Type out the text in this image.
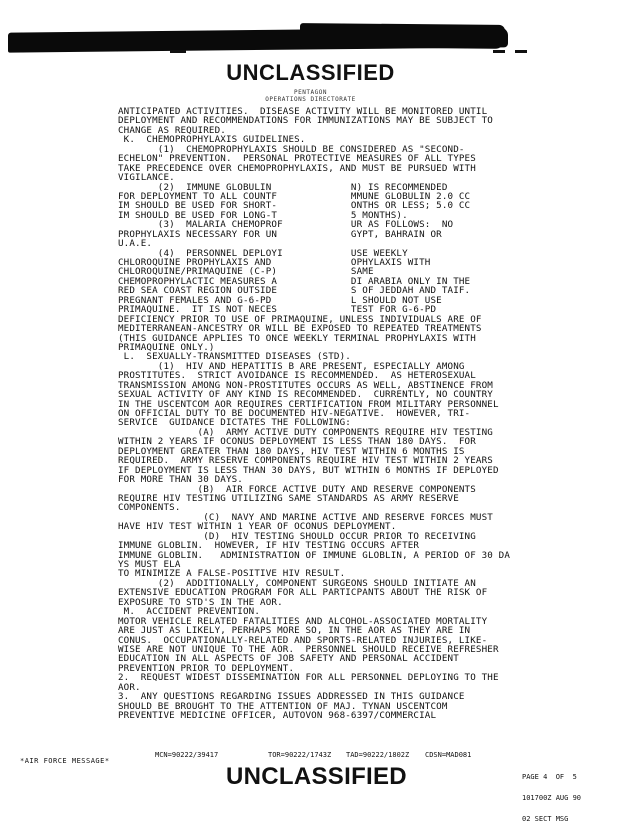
UNCLASSIFIED
PENTAGON
OPERATIONS DIRECTORATE
ANTICIPATED ACTIVITIES.  DISEASE ACTIVITY WILL BE MONITORED UNTIL
DEPLOYMENT AND RECOMMENDATIONS FOR IMMUNIZATIONS MAY BE SUBJECT TO
CHANGE AS REQUIRED.
K.  CHEMOPROPHYLAXIS GUIDELINES.
(1)  CHEMOPROPHYLAXIS SHOULD BE CONSIDERED AS "SECOND-
ECHELON" PREVENTION.  PERSONAL PROTECTIVE MEASURES OF ALL TYPES
TAKE PRECEDENCE OVER CHEMOPROPHYLAXIS, AND MUST BE PURSUED WITH
VIGILANCE.
(2)  IMMUNE GLOBULIN              N) IS RECOMMENDED
FOR DEPLOYMENT TO ALL COUNTF             MMUNE GLOBULIN 2.0 CC
IM SHOULD BE USED FOR SHORT-             ONTHS OR LESS; 5.0 CC
IM SHOULD BE USED FOR LONG-T             5 MONTHS).
(3)  MALARIA CHEMOPROF            UR AS FOLLOWS:  NO
PROPHYLAXIS NECESSARY FOR UN             GYPT, BAHRAIN OR
U.A.E.
(4)  PERSONNEL DEPLOYI            USE WEEKLY
CHLOROQUINE PROPHYLAXIS AND              OPHYLAXIS WITH
CHLOROQUINE/PRIMAQUINE (C-P)             SAME
CHEMOPROPHYLACTIC MEASURES A             DI ARABIA ONLY IN THE
RED SEA COAST REGION OUTSIDE             S OF JEDDAH AND TAIF.
PREGNANT FEMALES AND G-6-PD              L SHOULD NOT USE
PRIMAQUINE.  IT IS NOT NECES             TEST FOR G-6-PD
DEFICIENCY PRIOR TO USE OF PRIMAQUINE, UNLESS INDIVIDUALS ARE OF
MEDITERRANEAN-ANCESTRY OR WILL BE EXPOSED TO REPEATED TREATMENTS
(THIS GUIDANCE APPLIES TO ONCE WEEKLY TERMINAL PROPHYLAXIS WITH
PRIMAQUINE ONLY.)
L.  SEXUALLY-TRANSMITTED DISEASES (STD).
(1)  HIV AND HEPATITIS B ARE PRESENT, ESPECIALLY AMONG
PROSTITUTES.  STRICT AVOIDANCE IS RECOMMENDED.  AS HETEROSEXUAL
TRANSMISSION AMONG NON-PROSTITUTES OCCURS AS WELL, ABSTINENCE FROM
SEXUAL ACTIVITY OF ANY KIND IS RECOMMENDED.  CURRENTLY, NO COUNTRY
IN THE USCENTCOM AOR REQUIRES CERTIFICATION FROM MILITARY PERSONNEL
ON OFFICIAL DUTY TO BE DOCUMENTED HIV-NEGATIVE.  HOWEVER, TRI-
SERVICE  GUIDANCE DICTATES THE FOLLOWING:
(A)  ARMY ACTIVE DUTY COMPONENTS REQUIRE HIV TESTING
WITHIN 2 YEARS IF OCONUS DEPLOYMENT IS LESS THAN 180 DAYS.  FOR
DEPLOYMENT GREATER THAN 180 DAYS, HIV TEST WITHIN 6 MONTHS IS
REQUIRED.  ARMY RESERVE COMPONENTS REQUIRE HIV TEST WITHIN 2 YEARS
IF DEPLOYMENT IS LESS THAN 30 DAYS, BUT WITHIN 6 MONTHS IF DEPLOYED
FOR MORE THAN 30 DAYS.
(B)  AIR FORCE ACTIVE DUTY AND RESERVE COMPONENTS
REQUIRE HIV TESTING UTILIZING SAME STANDARDS AS ARMY RESERVE
COMPONENTS.
(C)  NAVY AND MARINE ACTIVE AND RESERVE FORCES MUST
HAVE HIV TEST WITHIN 1 YEAR OF OCONUS DEPLOYMENT.
(D)  HIV TESTING SHOULD OCCUR PRIOR TO RECEIVING
IMMUNE GLOBLIN.  HOWEVER, IF HIV TESTING OCCURS AFTER
IMMUNE GLOBLIN.   ADMINISTRATION OF IMMUNE GLOBLIN, A PERIOD OF 30 DA
YS MUST ELA
TO MINIMIZE A FALSE-POSITIVE HIV RESULT.
(2)  ADDITIONALLY, COMPONENT SURGEONS SHOULD INITIATE AN
EXTENSIVE EDUCATION PROGRAM FOR ALL PARTICPANTS ABOUT THE RISK OF
EXPOSURE TO STD'S IN THE AOR.
M.  ACCIDENT PREVENTION.
MOTOR VEHICLE RELATED FATALITIES AND ALCOHOL-ASSOCIATED MORTALITY
ARE JUST AS LIKELY, PERHAPS MORE SO, IN THE AOR AS THEY ARE IN
CONUS.  OCCUPATIONALLY-RELATED AND SPORTS-RELATED INJURIES, LIKE-
WISE ARE NOT UNIQUE TO THE AOR.  PERSONNEL SHOULD RECEIVE REFRESHER
EDUCATION IN ALL ASPECTS OF JOB SAFETY AND PERSONAL ACCIDENT
PREVENTION PRIOR TO DEPLOYMENT.
2.  REQUEST WIDEST DISSEMINATION FOR ALL PERSONNEL DEPLOYING TO THE
AOR.
3.  ANY QUESTIONS REGARDING ISSUES ADDRESSED IN THIS GUIDANCE
SHOULD BE BROUGHT TO THE ATTENTION OF MAJ. TYNAN USCENTCOM
PREVENTIVE MEDICINE OFFICER, AUTOVON 968-6397/COMMERCIAL
MCN=90222/39417	TOR=90222/1743Z TAD=90222/1802Z CDSN=MAD081
*AIR FORCE MESSAGE*
UNCLASSIFIED

	PAGE 4  OF  5

101700Z AUG 90

02 SECT MSG
